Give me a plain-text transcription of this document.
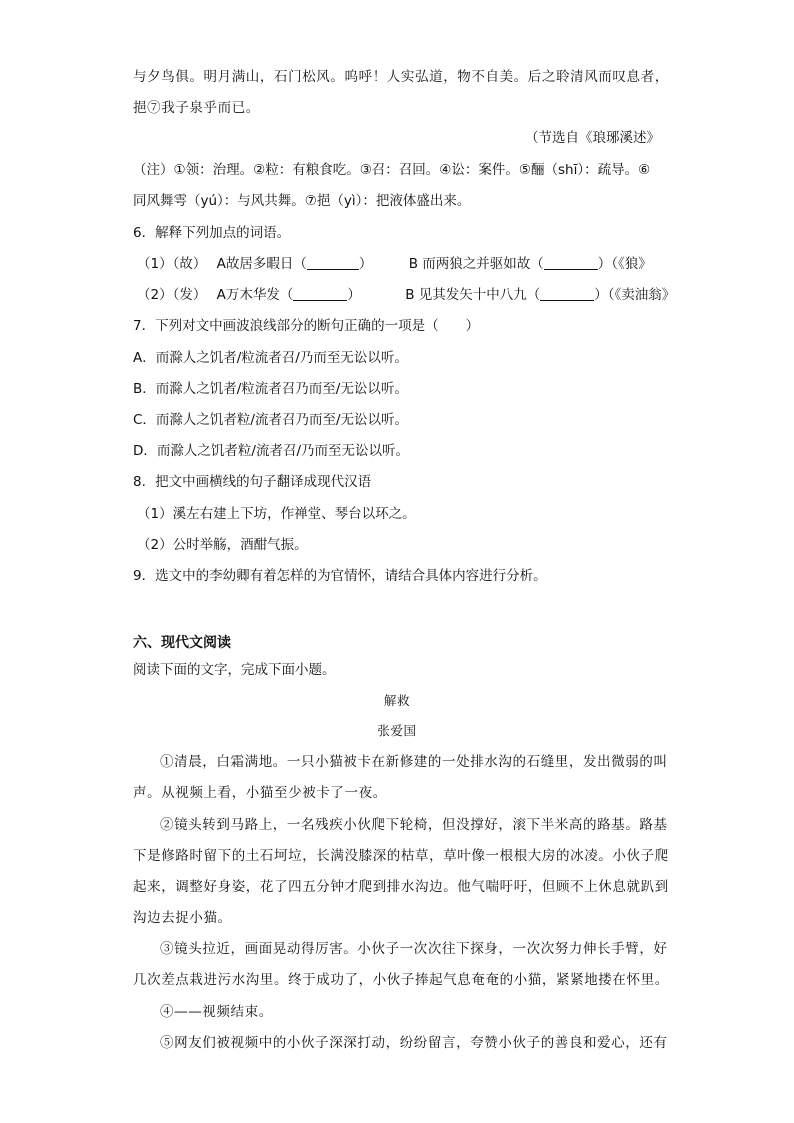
与夕鸟俱。明月满山，石门松风。呜呼！人实弘道，物不自美。后之聆清风而叹息者，
挹⑦我子泉乎而已。
（节选自《琅琊溪述》
（注）①领：治理。②粒：有粮食吃。③召：召回。④讼：案件。⑤酾（shī）：疏导。⑥
同风舞雩（yú）：与风共舞。⑦挹（yì）：把液体盛出来。
6．解释下列加点的词语。
（1）（故） A故居多暇日（	）	B 而两狼之并驱如故（	）（《狼》
（2）（发） A万木华发（	）	B 见其发矢十中八九（	）（《卖油翁》
7．下列对文中画波浪线部分的断句正确的一项是（　　）
A．而滁人之饥者/粒流者召/乃而至无讼以听。
B．而滁人之饥者/粒流者召乃而至/无讼以听。
C．而滁人之饥者粒/流者召乃而至/无讼以听。
D．而滁人之饥者粒/流者召/乃而至无讼以听。
8．把文中画横线的句子翻译成现代汉语
（1）溪左右建上下坊，作禅堂、琴台以环之。
（2）公时举觞，酒酣气振。
9．选文中的李幼卿有着怎样的为官情怀，请结合具体内容进行分析。
六、现代文阅读
阅读下面的文字，完成下面小题。
解救
张爱国
①清晨，白霜满地。一只小猫被卡在新修建的一处排水沟的石缝里，发出微弱的叫
声。从视频上看，小猫至少被卡了一夜。
②镜头转到马路上，一名残疾小伙爬下轮椅，但没撑好，滚下半米高的路基。路基
下是修路时留下的土石坷垃，长满没膝深的枯草，草叶像一根根大房的冰凌。小伙子爬
起来，调整好身姿，花了四五分钟才爬到排水沟边。他气喘吁吁，但顾不上休息就趴到
沟边去捉小猫。
③镜头拉近，画面晃动得厉害。小伙子一次次往下探身，一次次努力伸长手臂，好
几次差点栽进污水沟里。终于成功了，小伙子捧起气息奄奄的小猫，紧紧地搂在怀里。
④——视频结束。
⑤网友们被视频中的小伙子深深打动，纷纷留言，夸赞小伙子的善良和爱心，还有
